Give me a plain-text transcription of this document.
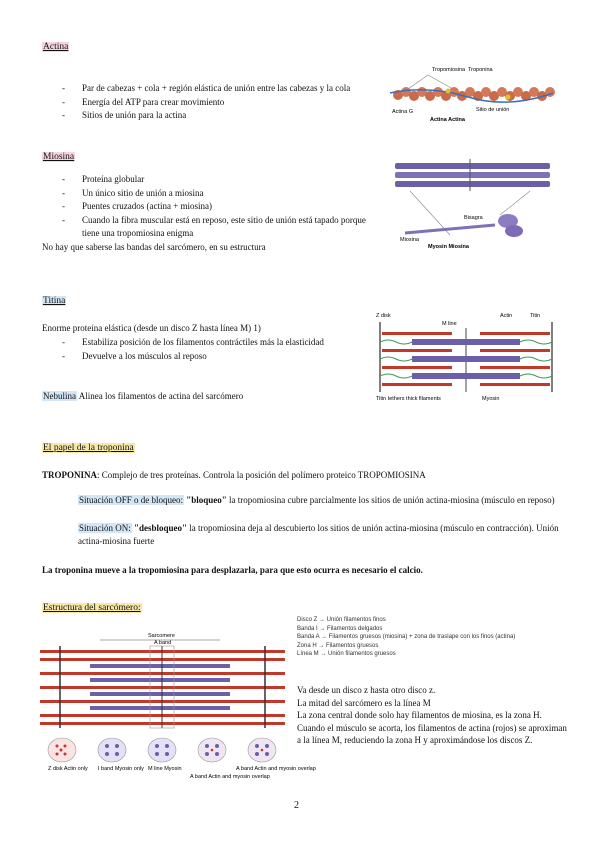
Actina
- Par de cabezas + cola + región elástica de unión entre las cabezas y la cola
- Energía del ATP para crear movimiento
- Sitios de unión para la actina
Tropomiosina Troponina
Actina G	Sitio de unión
Actina Actina
Miosina
- Proteína globular
- Un único sitio de unión a miosina
- Puentes cruzados (actina + miosina)
- Cuando la fibra muscular está en reposo, este sitio de unión está tapado porque tiene una tropomiosina enigma
No hay que saberse las bandas del sarcómero, en su estructura
Bisagra
Miosina
Myosin Miosina
Titina
Enorme proteína elástica (desde un disco Z hasta línea M) 1)
- Estabiliza posición de los filamentos contráctiles más la elasticidad
- Devuelve a los músculos al reposo
Z disk
M line
Actin	Titin
Titin tethers thick filaments	Myosin
Nebulina Alinea los filamentos de actina del sarcómero
El papel de la troponina
TROPONINA: Complejo de tres proteínas. Controla la posición del polímero proteico TROPOMIOSINA
Situación OFF o de bloqueo: "bloqueo" la tropomiosina cubre parcialmente los sitios de unión actina-miosina (músculo en reposo)
Situación ON: "desbloqueo" la tropomiosina deja al descubierto los sitios de unión actina-miosina (músculo en contracción). Unión actina-miosina fuerte
La troponina mueve a la tropomiosina para desplazarla, para que esto ocurra es necesario el calcio.
Estructura del sarcómero:
Sarcomere
A band
Z disk Actin only I band Myosin only M line Myosin
A band Actin and myosin overlap
A band Actin and myosin overlap
Disco Z → Unión filamentos finos
Banda I → Filamentos delgados
Banda A → Filamentos gruesos (miosina) + zona de traslape con los finos (actina)
Zona H → Filamentos gruesos
Línea M → Unión filamentos gruesos
Va desde un disco z hasta otro disco z.
La mitad del sarcómero es la línea M
La zona central donde solo hay filamentos de miosina, es la zona H.
Cuando el músculo se acorta, los filamentos de actina (rojos) se aproximan a la línea M, reduciendo la zona H y aproximándose los discos Z.
2
